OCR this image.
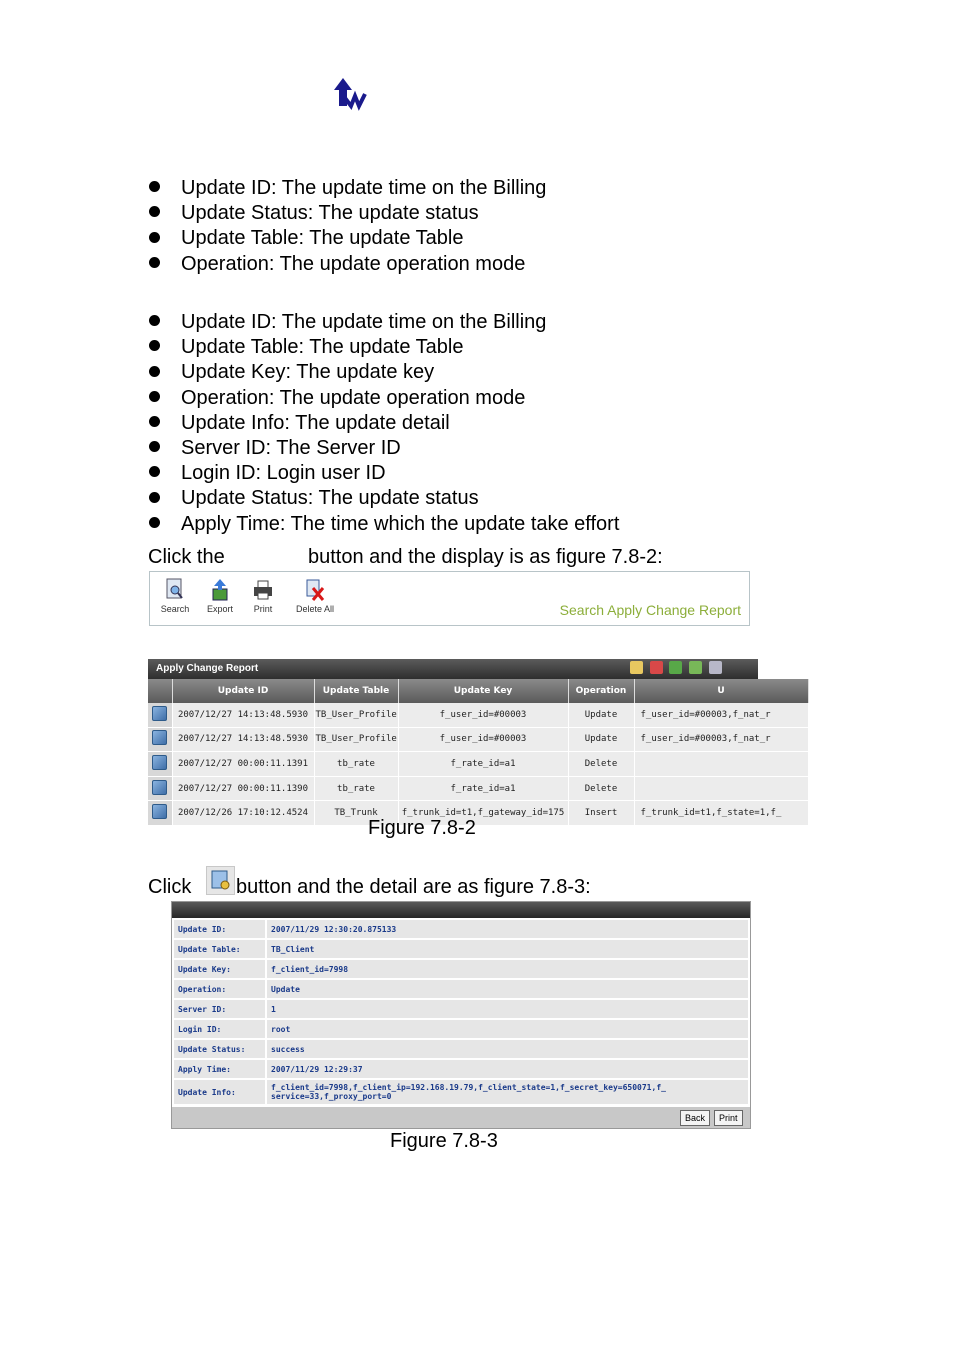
Update ID: The update time on the Billing
Update Status: The update status
Update Table: The update Table
Operation: The update operation mode
Update ID: The update time on the Billing
Update Table: The update Table
Update Key: The update key
Operation: The update operation mode
Update Info: The update detail
Server ID: The Server ID
Login ID: Login user ID
Update Status: The update status
Apply Time: The time which the update take effort
Click the	button and the display is as figure 7.8-2:
Search	Export	Print	Delete All	Search Apply Change Report
Apply Change Report

	Update ID	Update Table	Update Key	Operation	U
	2007/12/27 14:13:48.5930	TB_User_Profile	f_user_id=#00003	Update	f_user_id=#00003,f_nat_r
	2007/12/27 14:13:48.5930	TB_User_Profile	f_user_id=#00003	Update	f_user_id=#00003,f_nat_r
	2007/12/27 00:00:11.1391	tb_rate	f_rate_id=a1	Delete	
	2007/12/27 00:00:11.1390	tb_rate	f_rate_id=a1	Delete	
	2007/12/26 17:10:12.4524	TB_Trunk	f_trunk_id=t1,f_gateway_id=175	Insert	f_trunk_id=t1,f_state=1,f_
Figure 7.8-2
Click button and the detail are as figure 7.8-3:
Update ID:	2007/11/29 12:30:20.875133
Update Table:	TB_Client
Update Key:	f_client_id=7998
Operation:	Update
Server ID:	1
Login ID:	root
Update Status:	success
Apply Time:	2007/11/29 12:29:37
Update Info:	f_client_id=7998,f_client_ip=192.168.19.79,f_client_state=1,f_secret_key=650071,f_
service=33,f_proxy_port=0
Back	Print
Figure 7.8-3
